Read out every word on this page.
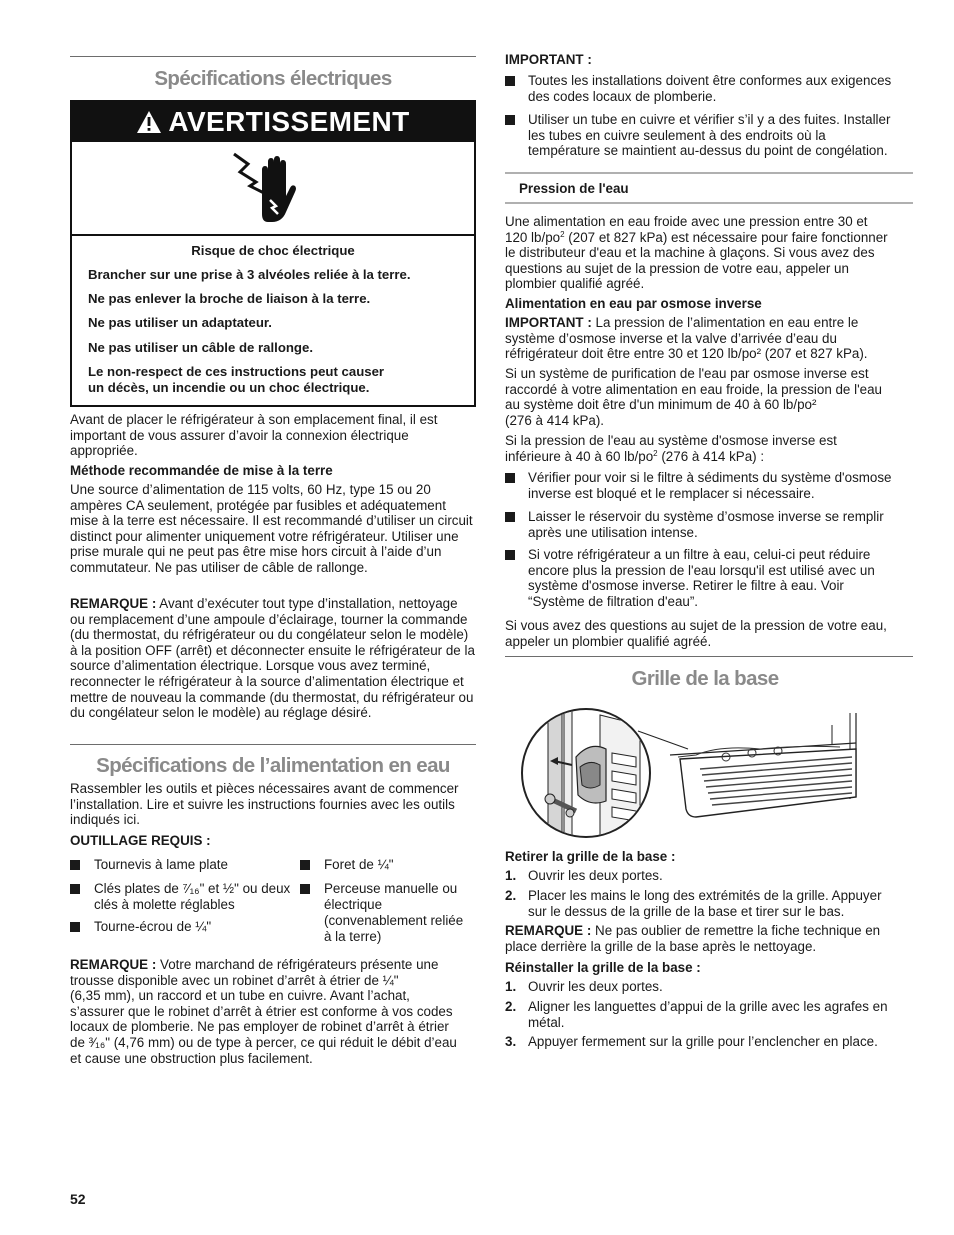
Spécifications électriques
AVERTISSEMENT

Risque de choc électrique

Brancher sur une prise à 3 alvéoles reliée à la terre.

Ne pas enlever la broche de liaison à la terre.

Ne pas utiliser un adaptateur.

Ne pas utiliser un câble de rallonge.

Le non-respect de ces instructions peut causer

un décès, un incendie ou un choc électrique.

Avant de placer le réfrigérateur à son emplacement final, il est important de vous assurer d’avoir la connexion électrique appropriée.

Méthode recommandée de mise à la terre

Une source d’alimentation de 115 volts, 60 Hz, type 15 ou 20 ampères CA seulement, protégée par fusibles et adéquatement mise à la terre est nécessaire. Il est recommandé d’utiliser un circuit distinct pour alimenter uniquement votre réfrigérateur. Utiliser une prise murale qui ne peut pas être mise hors circuit à l’aide d’un commutateur. Ne pas utiliser de câble de rallonge.

REMARQUE : Avant d’exécuter tout type d’installation, nettoyage ou remplacement d’une ampoule d’éclairage, tourner la commande (du thermostat, du réfrigérateur ou du congélateur selon le modèle) à la position OFF (arrêt) et déconnecter ensuite le réfrigérateur de la source d’alimentation électrique. Lorsque vous avez terminé, reconnecter le réfrigérateur à la source d’alimentation électrique et mettre de nouveau la commande (du thermostat, du réfrigérateur ou du congélateur selon le modèle) au réglage désiré.

Spécifications de l’alimentation en eau

Rassembler les outils et pièces nécessaires avant de commencer l’installation. Lire et suivre les instructions fournies avec les outils indiqués ici.

OUTILLAGE REQUIS :

Tournevis à lame plate

Clés plates de ⁷⁄₁₆" et ½" ou deux

clés à molette réglables

Tourne-écrou de ¼"

Foret de ¼"

Perceuse manuelle ou

électrique

(convenablement reliée

à la terre)

REMARQUE : Votre marchand de réfrigérateurs présente une

trousse disponible avec un robinet d’arrêt à étrier de ¼"

(6,35 mm), un raccord et un tube en cuivre. Avant l’achat,

s’assurer que le robinet d’arrêt à étrier est conforme à vos codes

locaux de plomberie. Ne pas employer de robinet d’arrêt à étrier

de ³⁄₁₆" (4,76 mm) ou de type à percer, ce qui réduit le débit d’eau

et cause une obstruction plus facilement.

52

IMPORTANT :

Toutes les installations doivent être conformes aux exigences

des codes locaux de plomberie.

Utiliser un tube en cuivre et vérifier s’il y a des fuites. Installer

les tubes en cuivre seulement à des endroits où la

température se maintient au-dessus du point de congélation.

Pression de l'eau

Une alimentation en eau froide avec une pression entre 30 et

120 $lb/po^2$ (207 et 827 kPa) est nécessaire pour faire fonctionner

le distributeur d'eau et la machine à glaçons. Si vous avez des

questions au sujet de la pression de votre eau, appeler un

plombier qualifié agréé.

Alimentation en eau par osmose inverse

IMPORTANT : La pression de l’alimentation en eau entre le

système d’osmose inverse et la valve d’arrivée d’eau du

réfrigérateur doit être entre 30 et 120 lb/po² (207 et 827 kPa).

Si un système de purification de l'eau par osmose inverse est

raccordé à votre alimentation en eau froide, la pression de l'eau

au système doit être d'un minimum de 40 à 60 lb/po²

(276 à 414 kPa).

Si la pression de l'eau au système d'osmose inverse est

inférieure à 40 à 60 $lb/po^2$ (276 à 414 kPa) :

Vérifier pour voir si le filtre à sédiments du système d'osmose

inverse est bloqué et le remplacer si nécessaire.

Laisser le réservoir du système d’osmose inverse se remplir

après une utilisation intense.

Si votre réfrigérateur a un filtre à eau, celui-ci peut réduire

encore plus la pression de l'eau lorsqu'il est utilisé avec un

système d'osmose inverse. Retirer le filtre à eau. Voir

“Système de filtration d'eau”.

Si vous avez des questions au sujet de la pression de votre eau,

appeler un plombier qualifié agréé.

Grille de la base

Retirer la grille de la base :

1. Ouvrir les deux portes.

2. Placer les mains le long des extrémités de la grille. Appuyer

sur le dessus de la grille de la base et tirer sur le bas.

REMARQUE : Ne pas oublier de remettre la fiche technique en

place derrière la grille de la base après le nettoyage.

Réinstaller la grille de la base :

1. Ouvrir les deux portes.

2. Aligner les languettes d’appui de la grille avec les agrafes en

métal.

3. Appuyer fermement sur la grille pour l’enclencher en place.
